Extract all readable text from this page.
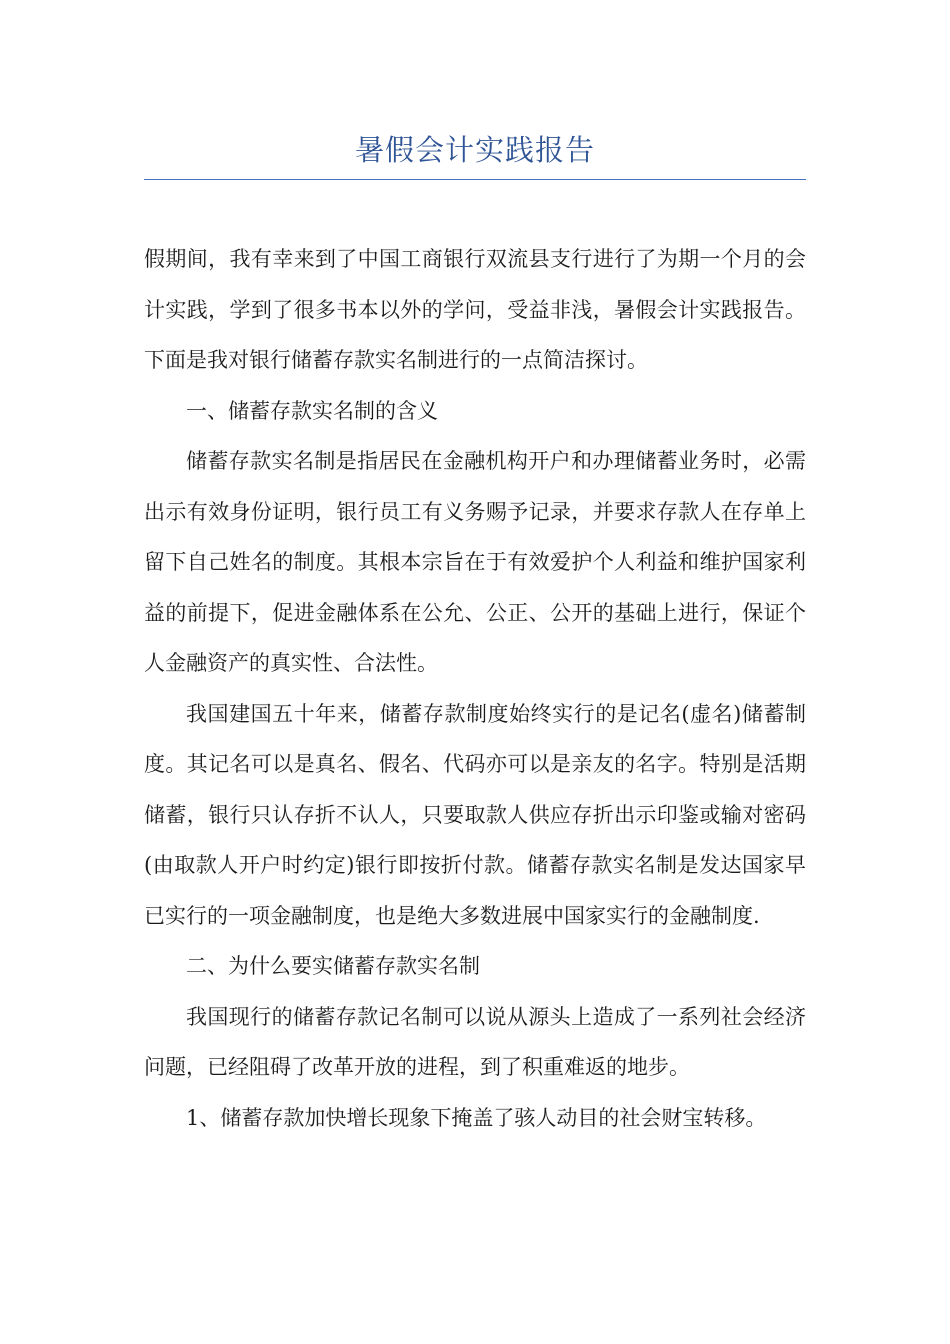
暑假会计实践报告

假期间，我有幸来到了中国工商银行双流县支行进行了为期一个月的会计实践，学到了很多书本以外的学问，受益非浅，暑假会计实践报告。下面是我对银行储蓄存款实名制进行的一点简洁探讨。

一、储蓄存款实名制的含义

储蓄存款实名制是指居民在金融机构开户和办理储蓄业务时，必需出示有效身份证明，银行员工有义务赐予记录，并要求存款人在存单上留下自己姓名的制度。其根本宗旨在于有效爱护个人利益和维护国家利益的前提下，促进金融体系在公允、公正、公开的基础上进行，保证个人金融资产的真实性、合法性。

我国建国五十年来，储蓄存款制度始终实行的是记名(虚名)储蓄制度。其记名可以是真名、假名、代码亦可以是亲友的名字。特别是活期储蓄，银行只认存折不认人，只要取款人供应存折出示印鉴或输对密码(由取款人开户时约定)银行即按折付款。储蓄存款实名制是发达国家早已实行的一项金融制度，也是绝大多数进展中国家实行的金融制度.

二、为什么要实储蓄存款实名制

我国现行的储蓄存款记名制可以说从源头上造成了一系列社会经济问题，已经阻碍了改革开放的进程，到了积重难返的地步。

1、储蓄存款加快增长现象下掩盖了骇人动目的社会财宝转移。
